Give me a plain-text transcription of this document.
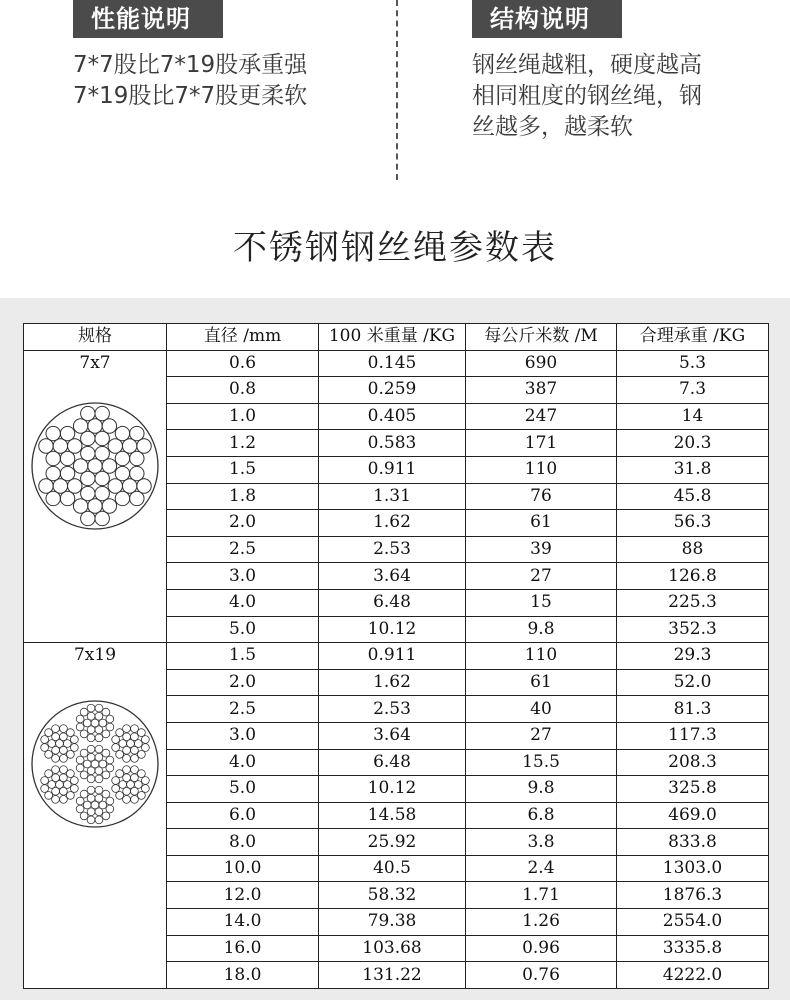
性能说明
7*7股比7*19股承重强
7*19股比7*7股更柔软
结构说明
钢丝绳越粗，硬度越高
相同粗度的钢丝绳，钢
丝越多，越柔软
不锈钢钢丝绳参数表
规格	直径 /mm	100 米重量 /KG	每公斤米数 /M	合理承重 /KG

7x7	0.6	0.145	690	5.3
	0.8	0.259	387	7.3
	1.0	0.405	247	14
	1.2	0.583	171	20.3
	1.5	0.911	110	31.8
	1.8	1.31	76	45.8
	2.0	1.62	61	56.3
	2.5	2.53	39	88
	3.0	3.64	27	126.8
	4.0	6.48	15	225.3
	5.0	10.12	9.8	352.3

7x19	1.5	0.911	110	29.3
	2.0	1.62	61	52.0
	2.5	2.53	40	81.3
	3.0	3.64	27	117.3
	4.0	6.48	15.5	208.3
	5.0	10.12	9.8	325.8
	6.0	14.58	6.8	469.0
	8.0	25.92	3.8	833.8
	10.0	40.5	2.4	1303.0
	12.0	58.32	1.71	1876.3
	14.0	79.38	1.26	2554.0
	16.0	103.68	0.96	3335.8
	18.0	131.22	0.76	4222.0
